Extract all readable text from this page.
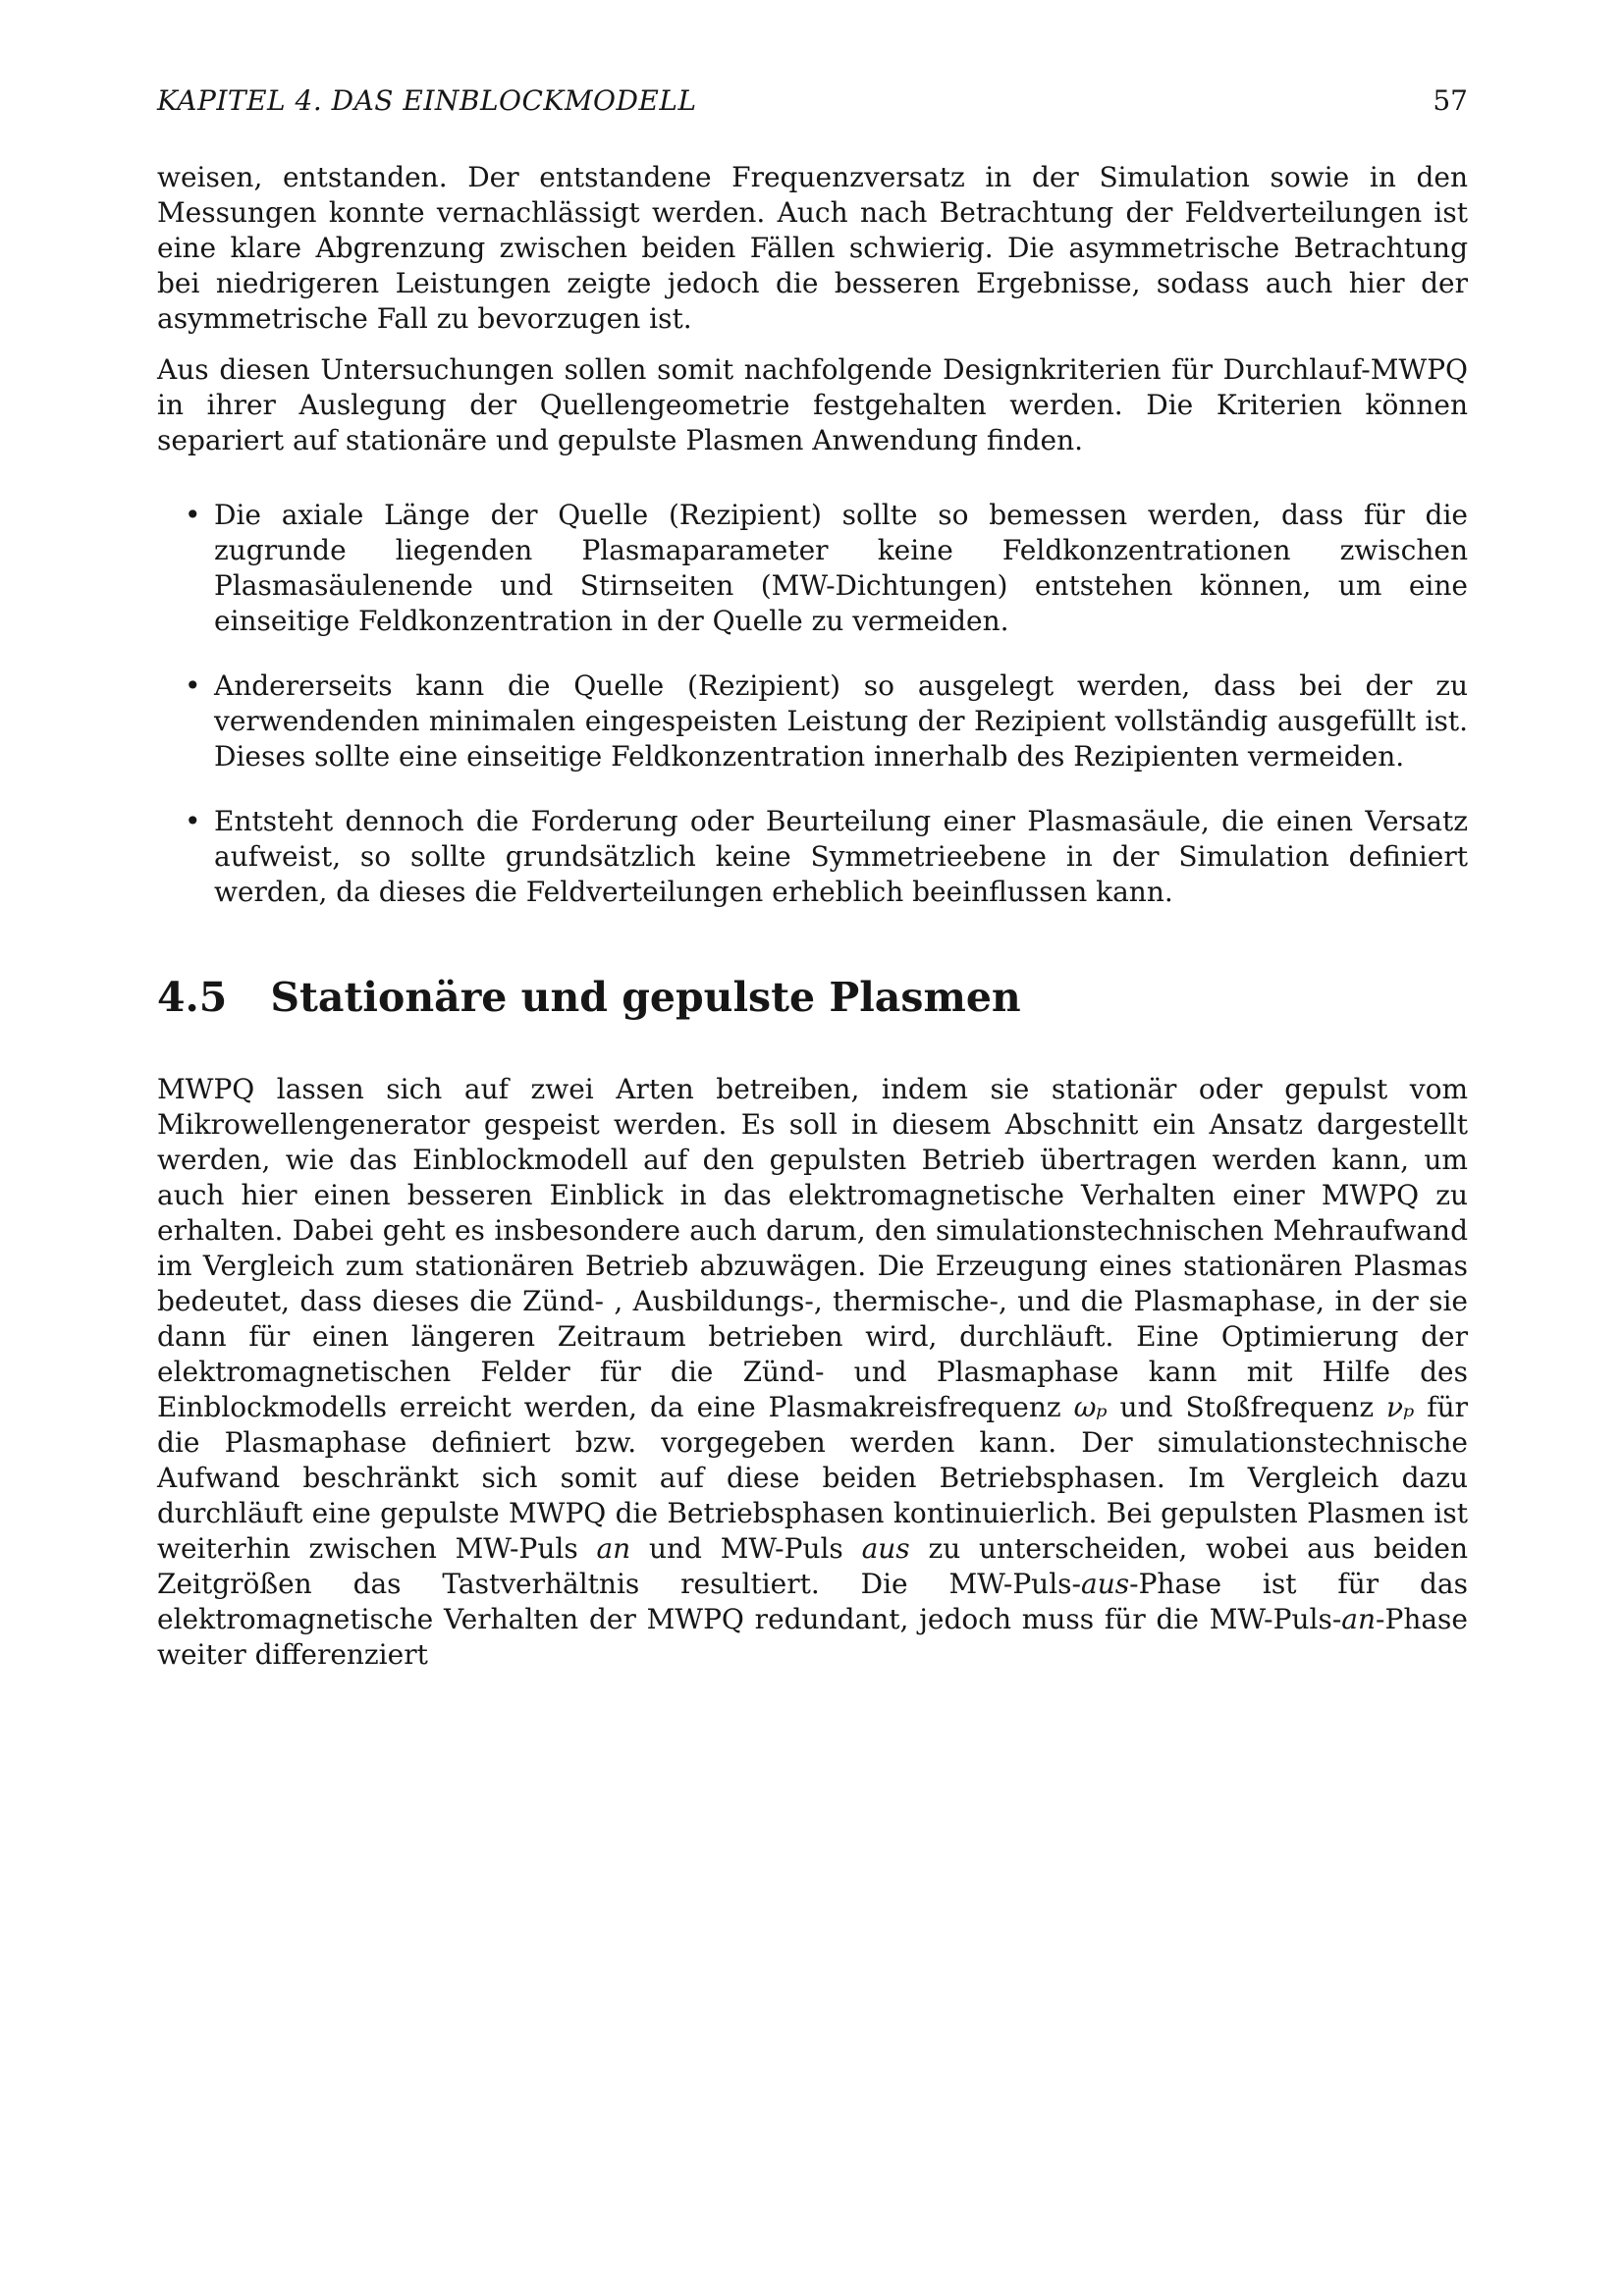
KAPITEL 4. DAS EINBLOCKMODELL	57

weisen, entstanden. Der entstandene Frequenzversatz in der Simulation sowie in den Messungen konnte vernachlässigt werden. Auch nach Betrachtung der Feldverteilungen ist eine klare Abgrenzung zwischen beiden Fällen schwierig. Die asymmetrische Betrachtung bei niedrigeren Leistungen zeigte jedoch die besseren Ergebnisse, sodass auch hier der asymmetrische Fall zu bevorzugen ist.

Aus diesen Untersuchungen sollen somit nachfolgende Designkriterien für Durchlauf-MWPQ in ihrer Auslegung der Quellengeometrie festgehalten werden. Die Kriterien können separiert auf stationäre und gepulste Plasmen Anwendung finden.

• Die axiale Länge der Quelle (Rezipient) sollte so bemessen werden, dass für die zugrunde liegenden Plasmaparameter keine Feldkonzentrationen zwischen Plasmasäulenende und Stirnseiten (MW-Dichtungen) entstehen können, um eine einseitige Feldkonzentration in der Quelle zu vermeiden.
• Andererseits kann die Quelle (Rezipient) so ausgelegt werden, dass bei der zu verwendenden minimalen eingespeisten Leistung der Rezipient vollständig ausgefüllt ist. Dieses sollte eine einseitige Feldkonzentration innerhalb des Rezipienten vermeiden.
• Entsteht dennoch die Forderung oder Beurteilung einer Plasmasäule, die einen Versatz aufweist, so sollte grundsätzlich keine Symmetrieebene in der Simulation definiert werden, da dieses die Feldverteilungen erheblich beeinflussen kann.
4.5 Stationäre und gepulste Plasmen

MWPQ lassen sich auf zwei Arten betreiben, indem sie stationär oder gepulst vom Mikrowellengenerator gespeist werden. Es soll in diesem Abschnitt ein Ansatz dargestellt werden, wie das Einblockmodell auf den gepulsten Betrieb übertragen werden kann, um auch hier einen besseren Einblick in das elektromagnetische Verhalten einer MWPQ zu erhalten. Dabei geht es insbesondere auch darum, den simulationstechnischen Mehraufwand im Vergleich zum stationären Betrieb abzuwägen. Die Erzeugung eines stationären Plasmas bedeutet, dass dieses die Zünd- , Ausbildungs-, thermische-, und die Plasmaphase, in der sie dann für einen längeren Zeitraum betrieben wird, durchläuft. Eine Optimierung der elektromagnetischen Felder für die Zünd- und Plasmaphase kann mit Hilfe des Einblockmodells erreicht werden, da eine Plasmakreisfrequenz ωₚ und Stoßfrequenz νₚ für die Plasmaphase definiert bzw. vorgegeben werden kann. Der simulationstechnische Aufwand beschränkt sich somit auf diese beiden Betriebsphasen. Im Vergleich dazu durchläuft eine gepulste MWPQ die Betriebsphasen kontinuierlich. Bei gepulsten Plasmen ist weiterhin zwischen MW-Puls an und MW-Puls aus zu unterscheiden, wobei aus beiden Zeitgrößen das Tastverhältnis resultiert. Die MW-Puls-aus-Phase ist für das elektromagnetische Verhalten der MWPQ redundant, jedoch muss für die MW-Puls-an-Phase weiter differenziert
